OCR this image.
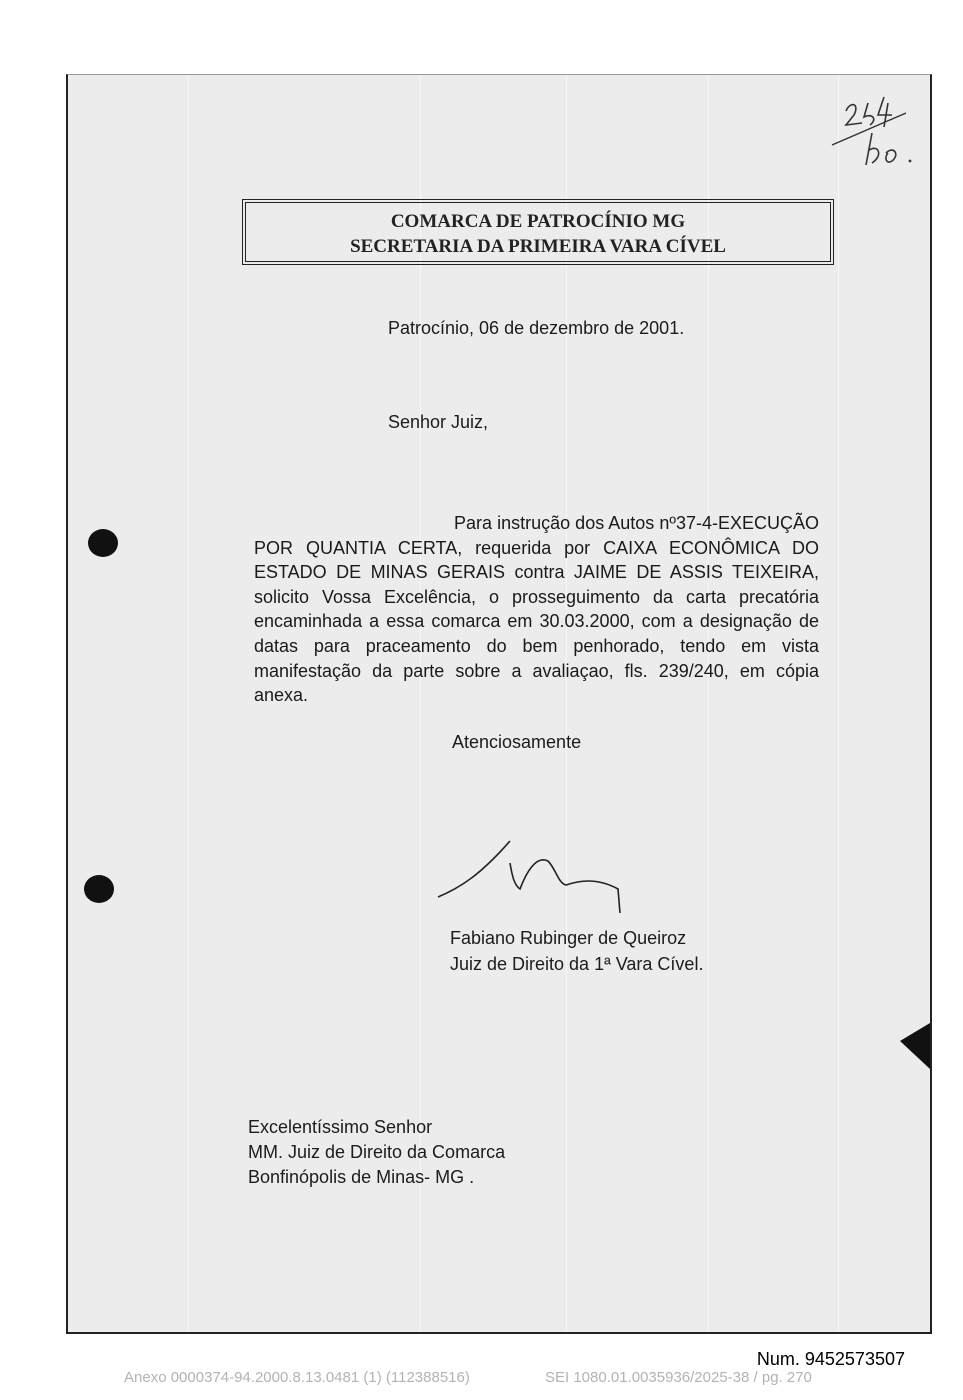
COMARCA DE PATROCÍNIO MG
SECRETARIA DA PRIMEIRA VARA CÍVEL
Patrocínio, 06 de dezembro de 2001.
Senhor Juiz,
Para instrução dos Autos nº37-4-EXECUÇÃO POR QUANTIA CERTA, requerida por CAIXA ECONÔMICA DO ESTADO DE MINAS GERAIS contra JAIME DE ASSIS TEIXEIRA, solicito Vossa Excelência, o prosseguimento da carta precatória encaminhada a essa comarca em 30.03.2000, com a designação de datas para praceamento do bem penhorado, tendo em vista manifestação da parte sobre a avaliaçao, fls. 239/240, em cópia anexa.
Atenciosamente
Fabiano Rubinger de Queiroz
Juiz de Direito da 1ª Vara Cível.
Excelentíssimo Senhor
MM. Juiz de Direito da Comarca
Bonfinópolis de Minas- MG .
Num. 9452573507
Anexo 0000374-94.2000.8.13.0481 (1) (112388516)	SEI 1080.01.0035936/2025-38 / pg. 270
